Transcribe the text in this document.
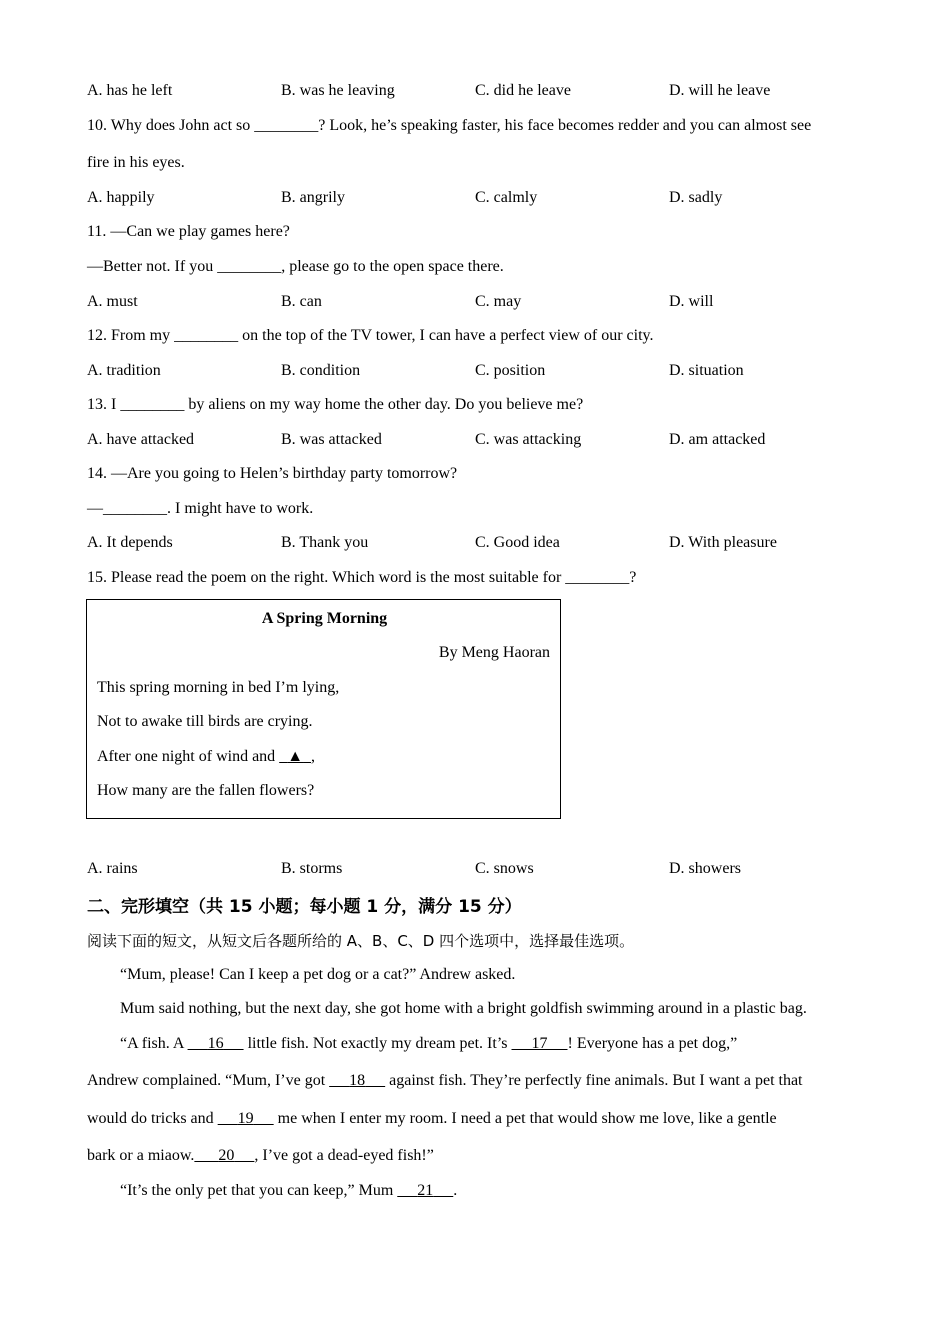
A. has he left	B. was he leaving	C. did he leave	D. will he leave
10. Why does John act so ________? Look, he’s speaking faster, his face becomes redder and you can almost see
fire in his eyes.
A. happily	B. angrily	C. calmly	D. sadly
11. —Can we play games here?
—Better not. If you ________, please go to the open space there.
A. must	B. can	C. may	D. will
12. From my ________ on the top of the TV tower, I can have a perfect view of our city.
A. tradition	B. condition	C. position	D. situation
13. I ________ by aliens on my way home the other day. Do you believe me?
A. have attacked	B. was attacked	C. was attacking	D. am attacked
14. —Are you going to Helen’s birthday party tomorrow?
—________. I might have to work.
A. It depends	B. Thank you	C. Good idea	D. With pleasure
15. Please read the poem on the right. Which word is the most suitable for ________?
A Spring Morning
By Meng Haoran
This spring morning in bed I’m lying,
Not to awake till birds are crying.
After one night of wind and ▲ ,
How many are the fallen flowers?
A. rains	B. storms	C. snows	D. showers
二、完形填空（共 15 小题；每小题 1 分，满分 15 分）
阅读下面的短文，从短文后各题所给的 A、B、C、D 四个选项中，选择最佳选项。
“Mum, please! Can I keep a pet dog or a cat?” Andrew asked.
Mum said nothing, but the next day, she got home with a bright goldfish swimming around in a plastic bag.
“A fish. A      16      little fish. Not exactly my dream pet. It’s      17 ! Everyone has a pet dog,”
Andrew complained. “Mum, I’ve got      18      against fish. They’re perfectly fine animals. But I want a pet that
would do tricks and      19      me when I enter my room. I need a pet that would show me love, like a gentle
bark or a miaow. 20 , I’ve got a dead-eyed fish!”
“It’s the only pet that you can keep,” Mum      21 .
